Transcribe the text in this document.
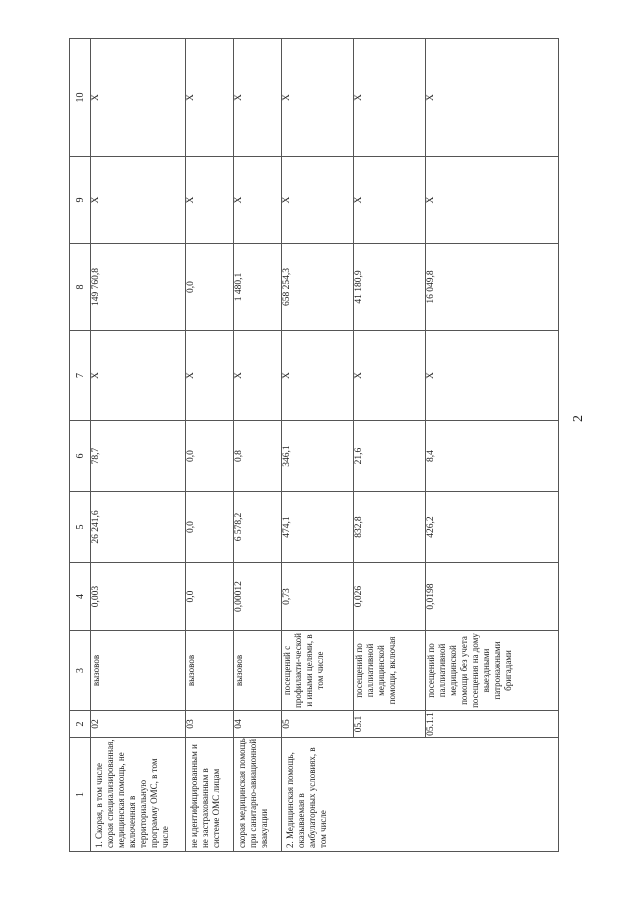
2
1	2	3	4	5	6	7	8	9	10
1. Скорая, в том числе скорая специализированная, медицинская помощь, не включенная в территориальную программу ОМС, в том числе	02	вызовов	0,003	26 241,6	78,7	X	149 760,8	X	X
не идентифицированным и не застрахованным в системе ОМС лицам	03	вызовов	0,0	0,0	0,0	X	0,0	X	X
скорая медицинская помощь при санитарно-авиационной эвакуации	04	вызовов	0,00012	6 578,2	0,8	X	1 480,1	X	X
2. Медицинская помощь, оказываемая в амбулаторных условиях, в том числе	05	посещений с профилакти-ческой и иными целями, в том числе	0,73	474,1	346,1	X	658 254,3	X	X
	05.1	посещений по паллиативной медицинской помощи, включая	0,026	832,8	21,6	X	41 180,9	X	X
	05.1.1	посещений по паллиативной медицинской помощи без учета посещения на дому выездными патронажными бригадами	0,0198	426,2	8,4	X	16 049,8	X	X
